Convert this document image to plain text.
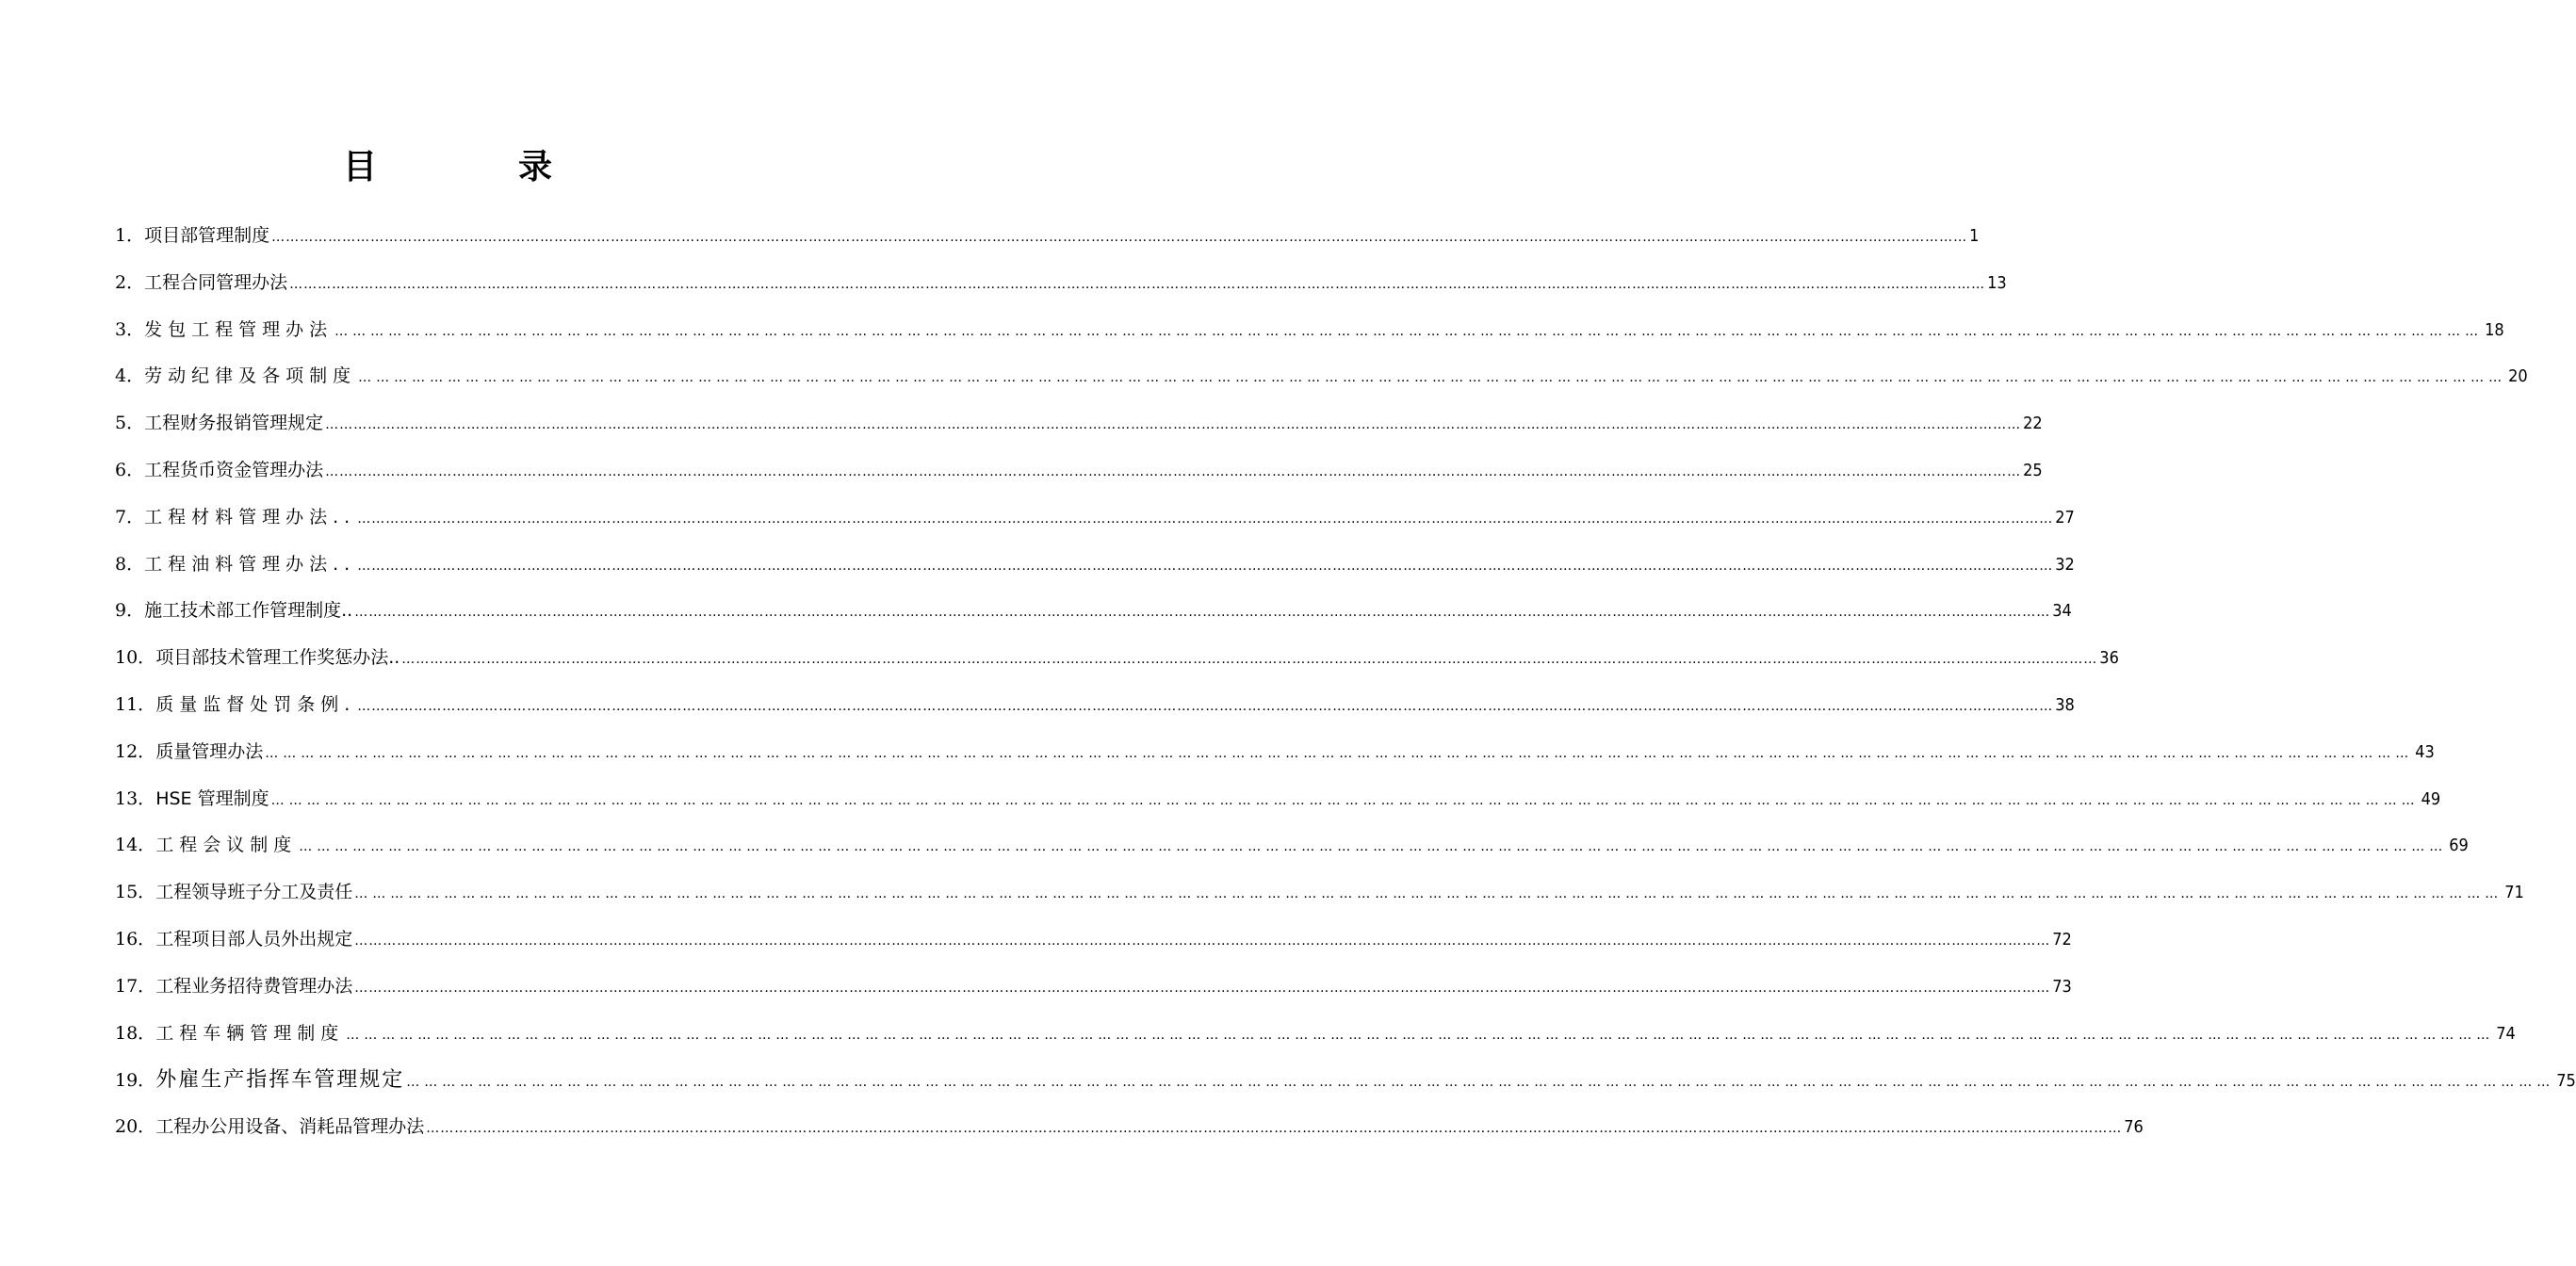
目	录
1． 项目部管理制度 ……………………………………………………………………………………………………………………………………………………………………………………………………………………………………………………………………………………………………………………………… 1
2． 工程合同管理办法 ……………………………………………………………………………………………………………………………………………………………………………………………………………………………………………………………………………………………………………………………… 13
3． 发包工程管理办法 ……………………………………………………………………………………………………………………………………………………………………………………………………………………………………………………………………………………………………………………………… 18
4． 劳动纪律及各项制度 ……………………………………………………………………………………………………………………………………………………………………………………………………………………………………………………………………………………………………………………………… 20
5． 工程财务报销管理规定 ……………………………………………………………………………………………………………………………………………………………………………………………………………………………………………………………………………………………………………………………… 22
6． 工程货币资金管理办法 ……………………………………………………………………………………………………………………………………………………………………………………………………………………………………………………………………………………………………………………………… 25
7． 工程材料管理办法.. ……………………………………………………………………………………………………………………………………………………………………………………………………………………………………………………………………………………………………………………………… 27
8． 工程油料管理办法.. ……………………………………………………………………………………………………………………………………………………………………………………………………………………………………………………………………………………………………………………………… 32
9． 施工技术部工作管理制度.. ……………………………………………………………………………………………………………………………………………………………………………………………………………………………………………………………………………………………………………………………… 34
10． 项目部技术管理工作奖惩办法.. ……………………………………………………………………………………………………………………………………………………………………………………………………………………………………………………………………………………………………………………………… 36
11． 质量监督处罚条例. ……………………………………………………………………………………………………………………………………………………………………………………………………………………………………………………………………………………………………………………………… 38
12． 质量管理办法 ……………………………………………………………………………………………………………………………………………………………………………………………………………………………………………………………………………………………………………………………… 43
13． HSE 管理制度 ……………………………………………………………………………………………………………………………………………………………………………………………………………………………………………………………………………………………………………………………… 49
14． 工程会议制度 ……………………………………………………………………………………………………………………………………………………………………………………………………………………………………………………………………………………………………………………………… 69
15． 工程领导班子分工及责任 ……………………………………………………………………………………………………………………………………………………………………………………………………………………………………………………………………………………………………………………………… 71
16． 工程项目部人员外出规定 ……………………………………………………………………………………………………………………………………………………………………………………………………………………………………………………………………………………………………………………………… 72
17． 工程业务招待费管理办法 ……………………………………………………………………………………………………………………………………………………………………………………………………………………………………………………………………………………………………………………………… 73
18． 工程车辆管理制度 ……………………………………………………………………………………………………………………………………………………………………………………………………………………………………………………………………………………………………………………………… 74
19． 外雇生产指挥车管理规定 ……………………………………………………………………………………………………………………………………………………………………………………………………………………………………………………………………………………………………………………………… 75
20． 工程办公用设备、消耗品管理办法 ……………………………………………………………………………………………………………………………………………………………………………………………………………………………………………………………………………………………………………………………… 76
